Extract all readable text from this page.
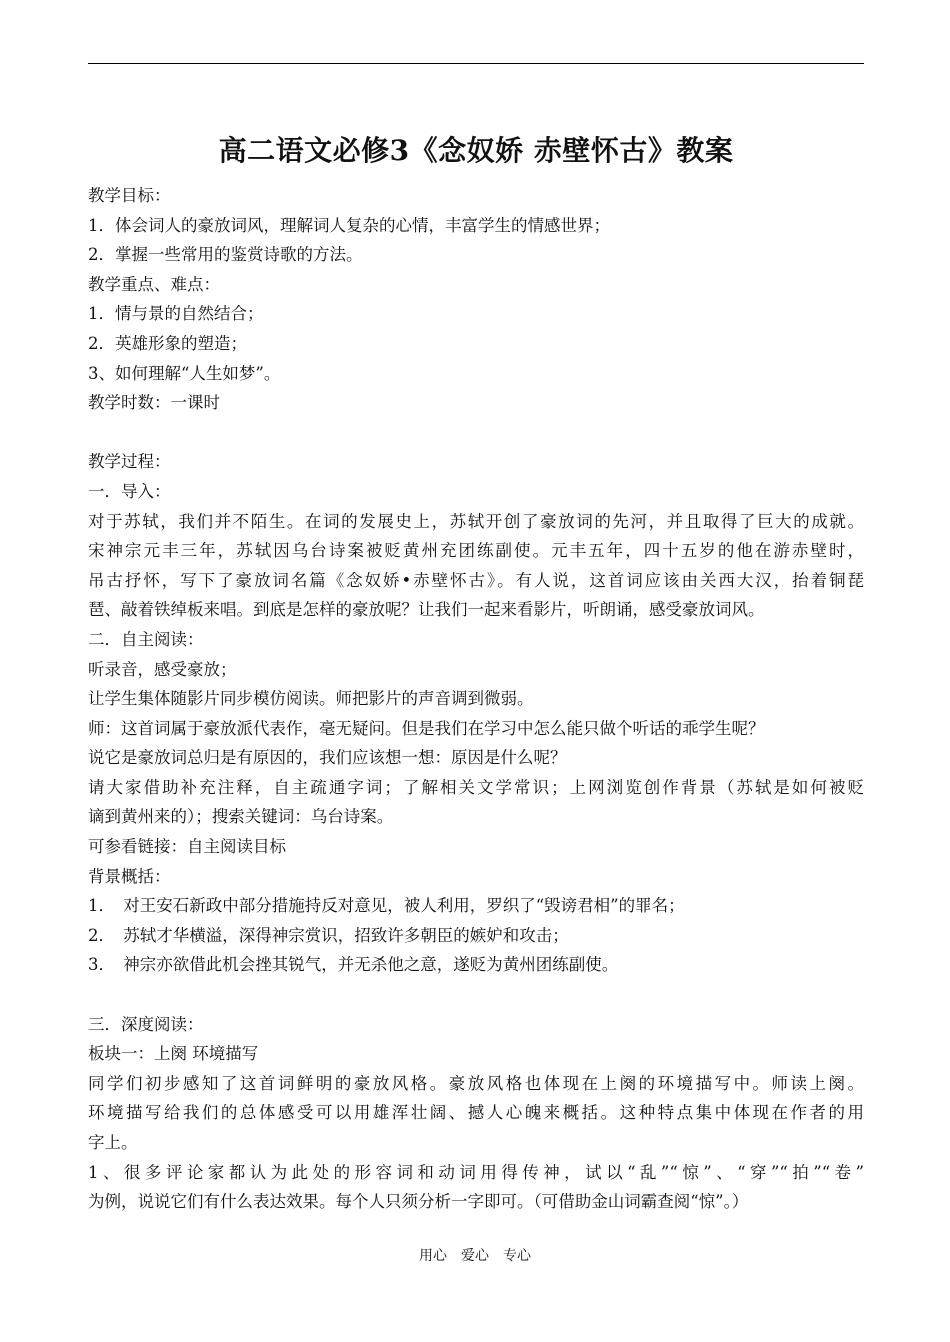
高二语文必修3《念奴娇 赤壁怀古》教案
教学目标：
1．体会词人的豪放词风，理解词人复杂的心情，丰富学生的情感世界；
2．掌握一些常用的鉴赏诗歌的方法。
教学重点、难点：
1．情与景的自然结合；
2．英雄形象的塑造；
3、如何理解“人生如梦”。
教学时数：一课时
教学过程：
一．导入：
对于苏轼，我们并不陌生。在词的发展史上，苏轼开创了豪放词的先河，并且取得了巨大的成就。
宋神宗元丰三年，苏轼因乌台诗案被贬黄州充团练副使。元丰五年，四十五岁的他在游赤壁时，
吊古抒怀，写下了豪放词名篇《念奴娇•赤壁怀古》。有人说，这首词应该由关西大汉，抬着铜琵
琶、敲着铁绰板来唱。到底是怎样的豪放呢？让我们一起来看影片，听朗诵，感受豪放词风。
二．自主阅读：
听录音，感受豪放；
让学生集体随影片同步模仿阅读。师把影片的声音调到微弱。
师：这首词属于豪放派代表作，毫无疑问。但是我们在学习中怎么能只做个听话的乖学生呢？
说它是豪放词总归是有原因的，我们应该想一想：原因是什么呢？
请大家借助补充注释，自主疏通字词；了解相关文学常识；上网浏览创作背景（苏轼是如何被贬
谪到黄州来的）；搜索关键词：乌台诗案。
可参看链接：自主阅读目标
背景概括：
1．　对王安石新政中部分措施持反对意见，被人利用，罗织了“毁谤君相”的罪名；
2．　苏轼才华横溢，深得神宗赏识，招致许多朝臣的嫉妒和攻击；
3．　神宗亦欲借此机会挫其锐气，并无杀他之意，遂贬为黄州团练副使。
三．深度阅读：
板块一：上阕 环境描写
同学们初步感知了这首词鲜明的豪放风格。豪放风格也体现在上阕的环境描写中。师读上阕。
环境描写给我们的总体感受可以用雄浑壮阔、撼人心魄来概括。这种特点集中体现在作者的用
字上。
1、很多评论家都认为此处的形容词和动词用得传神，试以“乱”“惊”、“穿”“拍”“卷”
为例，说说它们有什么表达效果。每个人只须分析一字即可。（可借助金山词霸查阅“惊”。）
用心　爱心　专心
